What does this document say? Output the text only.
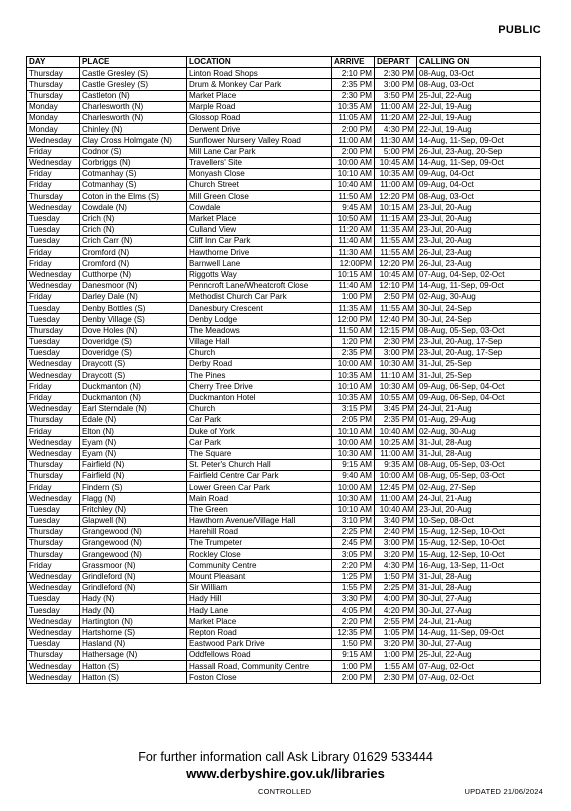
PUBLIC
DAY	PLACE	LOCATION	ARRIVE	DEPART	CALLING ON
Thursday	Castle Gresley (S)	Linton Road Shops	2:10 PM	2:30 PM	08-Aug, 03-Oct
Thursday	Castle Gresley (S)	Drum & Monkey Car Park	2:35 PM	3:00 PM	08-Aug, 03-Oct
Thursday	Castleton (N)	Market Place	2:30 PM	3:50 PM	25-Jul, 22-Aug
Monday	Charlesworth (N)	Marple Road	10:35 AM	11:00 AM	22-Jul, 19-Aug
Monday	Charlesworth (N)	Glossop Road	11:05 AM	11:20 AM	22-Jul, 19-Aug
Monday	Chinley (N)	Derwent Drive	2:00 PM	4:30 PM	22-Jul, 19-Aug
Wednesday	Clay Cross Holmgate (N)	Sunflower Nursery Valley Road	11:00 AM	11:30 AM	14-Aug, 11-Sep, 09-Oct
Friday	Codnor (S)	Mill Lane Car Park	2:00 PM	5:00 PM	26-Jul, 23-Aug, 20-Sep
Wednesday	Corbriggs (N)	Travellers' Site	10:00 AM	10:45 AM	14-Aug, 11-Sep, 09-Oct
Friday	Cotmanhay (S)	Monyash Close	10:10 AM	10:35 AM	09-Aug, 04-Oct
Friday	Cotmanhay (S)	Church Street	10:40 AM	11:00 AM	09-Aug, 04-Oct
Thursday	Coton in the Elms (S)	Mill Green Close	11:50 AM	12:20 PM	08-Aug, 03-Oct
Wednesday	Cowdale (N)	Cowdale	9:45 AM	10:15 AM	23-Jul, 20-Aug
Tuesday	Crich (N)	Market Place	10:50 AM	11:15 AM	23-Jul, 20-Aug
Tuesday	Crich (N)	Culland View	11:20 AM	11:35 AM	23-Jul, 20-Aug
Tuesday	Crich Carr (N)	Cliff Inn Car Park	11:40 AM	11:55 AM	23-Jul, 20-Aug
Friday	Cromford (N)	Hawthorne Drive	11:30 AM	11:55 AM	26-Jul, 23-Aug
Friday	Cromford (N)	Barnwell Lane	12:00PM	12:20 PM	26-Jul, 23-Aug
Wednesday	Cutthorpe (N)	Riggotts Way	10:15 AM	10:45 AM	07-Aug, 04-Sep, 02-Oct
Wednesday	Danesmoor (N)	Penncroft Lane/Wheatcroft Close	11:40 AM	12:10 PM	14-Aug, 11-Sep, 09-Oct
Friday	Darley Dale (N)	Methodist Church Car Park	1:00 PM	2:50 PM	02-Aug, 30-Aug
Tuesday	Denby Bottles (S)	Danesbury Crescent	11:35 AM	11:55 AM	30-Jul, 24-Sep
Tuesday	Denby Village (S)	Denby Lodge	12:00 PM	12:40 PM	30-Jul, 24-Sep
Thursday	Dove Holes (N)	The Meadows	11:50 AM	12:15 PM	08-Aug, 05-Sep, 03-Oct
Tuesday	Doveridge (S)	Village Hall	1:20 PM	2:30 PM	23-Jul, 20-Aug, 17-Sep
Tuesday	Doveridge (S)	Church	2:35 PM	3:00 PM	23-Jul, 20-Aug, 17-Sep
Wednesday	Draycott (S)	Derby Road	10:00 AM	10:30 AM	31-Jul, 25-Sep
Wednesday	Draycott (S)	The Pines	10:35 AM	11:10 AM	31-Jul, 25-Sep
Friday	Duckmanton (N)	Cherry Tree Drive	10:10 AM	10:30 AM	09-Aug, 06-Sep, 04-Oct
Friday	Duckmanton (N)	Duckmanton Hotel	10:35 AM	10:55 AM	09-Aug, 06-Sep, 04-Oct
Wednesday	Earl Sterndale (N)	Church	3:15 PM	3:45 PM	24-Jul, 21-Aug
Thursday	Edale (N)	Car Park	2:05 PM	2:35 PM	01-Aug, 29-Aug
Friday	Elton (N)	Duke of York	10:10 AM	10:40 AM	02-Aug, 30-Aug
Wednesday	Eyam (N)	Car Park	10:00 AM	10:25 AM	31-Jul, 28-Aug
Wednesday	Eyam (N)	The Square	10:30 AM	11:00 AM	31-Jul, 28-Aug
Thursday	Fairfield (N)	St. Peter's Church Hall	9:15 AM	9:35 AM	08-Aug, 05-Sep, 03-Oct
Thursday	Fairfield (N)	Fairfield Centre Car Park	9:40 AM	10:00 AM	08-Aug, 05-Sep, 03-Oct
Friday	Findern (S)	Lower Green Car Park	10:00 AM	12:45 PM	02-Aug, 27-Sep
Wednesday	Flagg (N)	Main Road	10:30 AM	11:00 AM	24-Jul, 21-Aug
Tuesday	Fritchley (N)	The Green	10:10 AM	10:40 AM	23-Jul, 20-Aug
Tuesday	Glapwell (N)	Hawthorn Avenue/Village Hall	3:10 PM	3:40 PM	10-Sep, 08-Oct
Thursday	Grangewood (N)	Harehill Road	2:25 PM	2:40 PM	15-Aug, 12-Sep, 10-Oct
Thursday	Grangewood (N)	The Trumpeter	2:45 PM	3:00 PM	15-Aug, 12-Sep, 10-Oct
Thursday	Grangewood (N)	Rockley Close	3:05 PM	3:20 PM	15-Aug, 12-Sep, 10-Oct
Friday	Grassmoor (N)	Community Centre	2:20 PM	4:30 PM	16-Aug, 13-Sep, 11-Oct
Wednesday	Grindleford (N)	Mount Pleasant	1:25 PM	1:50 PM	31-Jul, 28-Aug
Wednesday	Grindleford (N)	Sir William	1:55 PM	2:25 PM	31-Jul, 28-Aug
Tuesday	Hady (N)	Hady Hill	3:30 PM	4:00 PM	30-Jul, 27-Aug
Tuesday	Hady (N)	Hady Lane	4:05 PM	4:20 PM	30-Jul, 27-Aug
Wednesday	Hartington (N)	Market Place	2:20 PM	2:55 PM	24-Jul, 21-Aug
Wednesday	Hartshorne (S)	Repton Road	12:35 PM	1:05 PM	14-Aug, 11-Sep, 09-Oct
Tuesday	Hasland (N)	Eastwood Park Drive	1:50 PM	3:20 PM	30-Jul, 27-Aug
Thursday	Hathersage (N)	Oddfellows Road	9:15 AM	1:00 PM	25-Jul, 22-Aug
Wednesday	Hatton (S)	Hassall Road, Community Centre	1:00 PM	1:55 AM	07-Aug, 02-Oct
Wednesday	Hatton (S)	Foston Close	2:00 PM	2:30 PM	07-Aug, 02-Oct
For further information call Ask Library 01629 533444
www.derbyshire.gov.uk/libraries
CONTROLLED	UPDATED 21/06/2024
